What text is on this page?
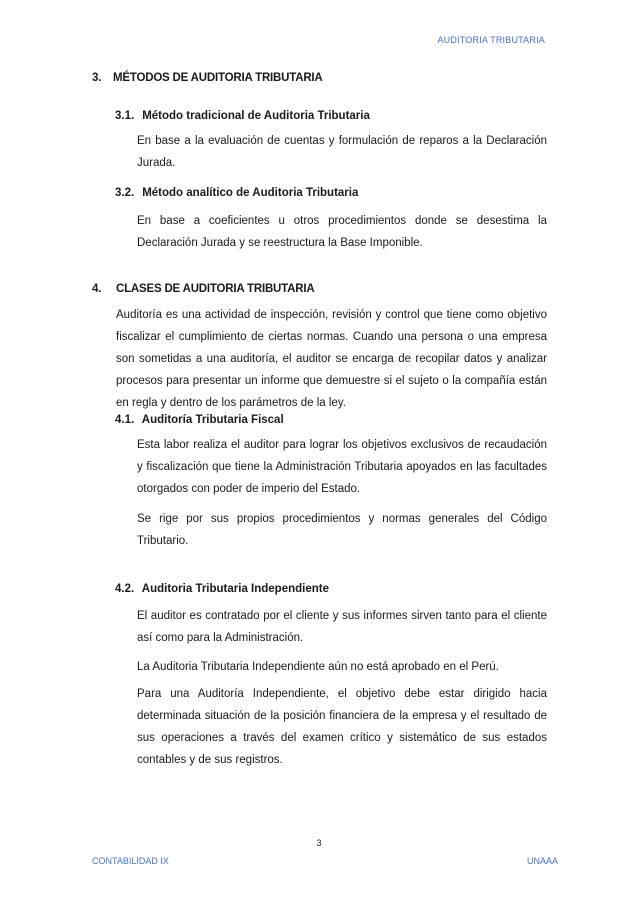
AUDITORIA TRIBUTARIA
3. MÉTODOS DE AUDITORIA TRIBUTARIA
3.1. Método tradicional de Auditoria Tributaria
En base a la evaluación de cuentas y formulación de reparos a la Declaración Jurada.
3.2. Método analítico de Auditoria Tributaria
En base a coeficientes u otros procedimientos donde se desestima la Declaración Jurada y se reestructura la Base Imponible.
4. CLASES DE AUDITORIA TRIBUTARIA
Auditoría es una actividad de inspección, revisión y control que tiene como objetivo fiscalizar el cumplimiento de ciertas normas. Cuando una persona o una empresa son sometidas a una auditoría, el auditor se encarga de recopilar datos y analizar procesos para presentar un informe que demuestre si el sujeto o la compañía están en regla y dentro de los parámetros de la ley.
4.1. Auditoría Tributaria Fiscal
Esta labor realiza el auditor para lograr los objetivos exclusivos de recaudación y fiscalización que tiene la Administración Tributaria apoyados en las facultades otorgados con poder de imperio del Estado.
Se rige por sus propios procedimientos y normas generales del Código Tributario.
4.2. Auditoria Tributaria Independiente
El auditor es contratado por el cliente y sus informes sirven tanto para el cliente así como para la Administración.
La Auditoria Tributaria Independiente aún no está aprobado en el Perú.
Para una Auditoría Independiente, el objetivo debe estar dirigido hacia determinada situación de la posición financiera de la empresa y el resultado de sus operaciones a través del examen crítico y sistemático de sus estados contables y de sus registros.
3
CONTABILIDAD IX	UNAAA
